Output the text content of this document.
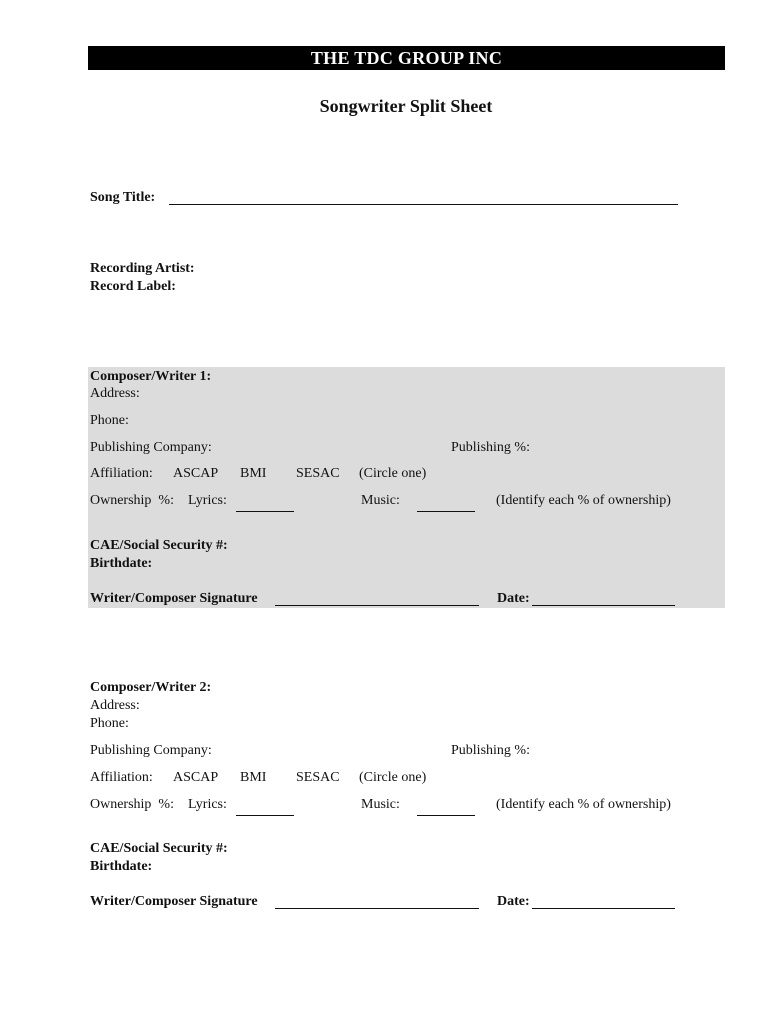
THE TDC GROUP INC
Songwriter Split Sheet
Song Title:
Recording Artist:
Record Label:
Composer/Writer 1:
Address:
Phone:
Publishing Company:	Publishing %:
Affiliation: ASCAP BMI SESAC (Circle one)
Ownership  %: Lyrics:	Music:	(Identify each % of ownership)
CAE/Social Security #:
Birthdate:
Writer/Composer Signature	Date:
Composer/Writer 2:
Address:
Phone:
Publishing Company:	Publishing %:
Affiliation: ASCAP BMI SESAC (Circle one)
Ownership  %: Lyrics:	Music:	(Identify each % of ownership)
CAE/Social Security #:
Birthdate:
Writer/Composer Signature	Date:
